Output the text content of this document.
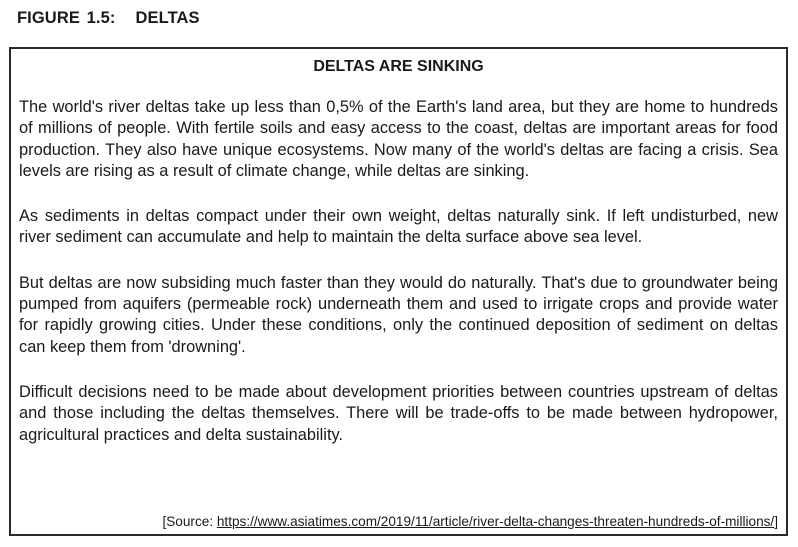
FIGURE 1.5: DELTAS
DELTAS ARE SINKING

The world's river deltas take up less than 0,5% of the Earth's land area, but they are home to hundreds of millions of people. With fertile soils and easy access to the coast, deltas are important areas for food production. They also have unique ecosystems. Now many of the world's deltas are facing a crisis. Sea levels are rising as a result of climate change, while deltas are sinking.

As sediments in deltas compact under their own weight, deltas naturally sink. If left undisturbed, new river sediment can accumulate and help to maintain the delta surface above sea level.

But deltas are now subsiding much faster than they would do naturally. That's due to groundwater being pumped from aquifers (permeable rock) underneath them and used to irrigate crops and provide water for rapidly growing cities. Under these conditions, only the continued deposition of sediment on deltas can keep them from 'drowning'.

Difficult decisions need to be made about development priorities between countries upstream of deltas and those including the deltas themselves. There will be trade-offs to be made between hydropower, agricultural practices and delta sustainability.

[Source: https://www.asiatimes.com/2019/11/article/river-delta-changes-threaten-hundreds-of-millions/]
